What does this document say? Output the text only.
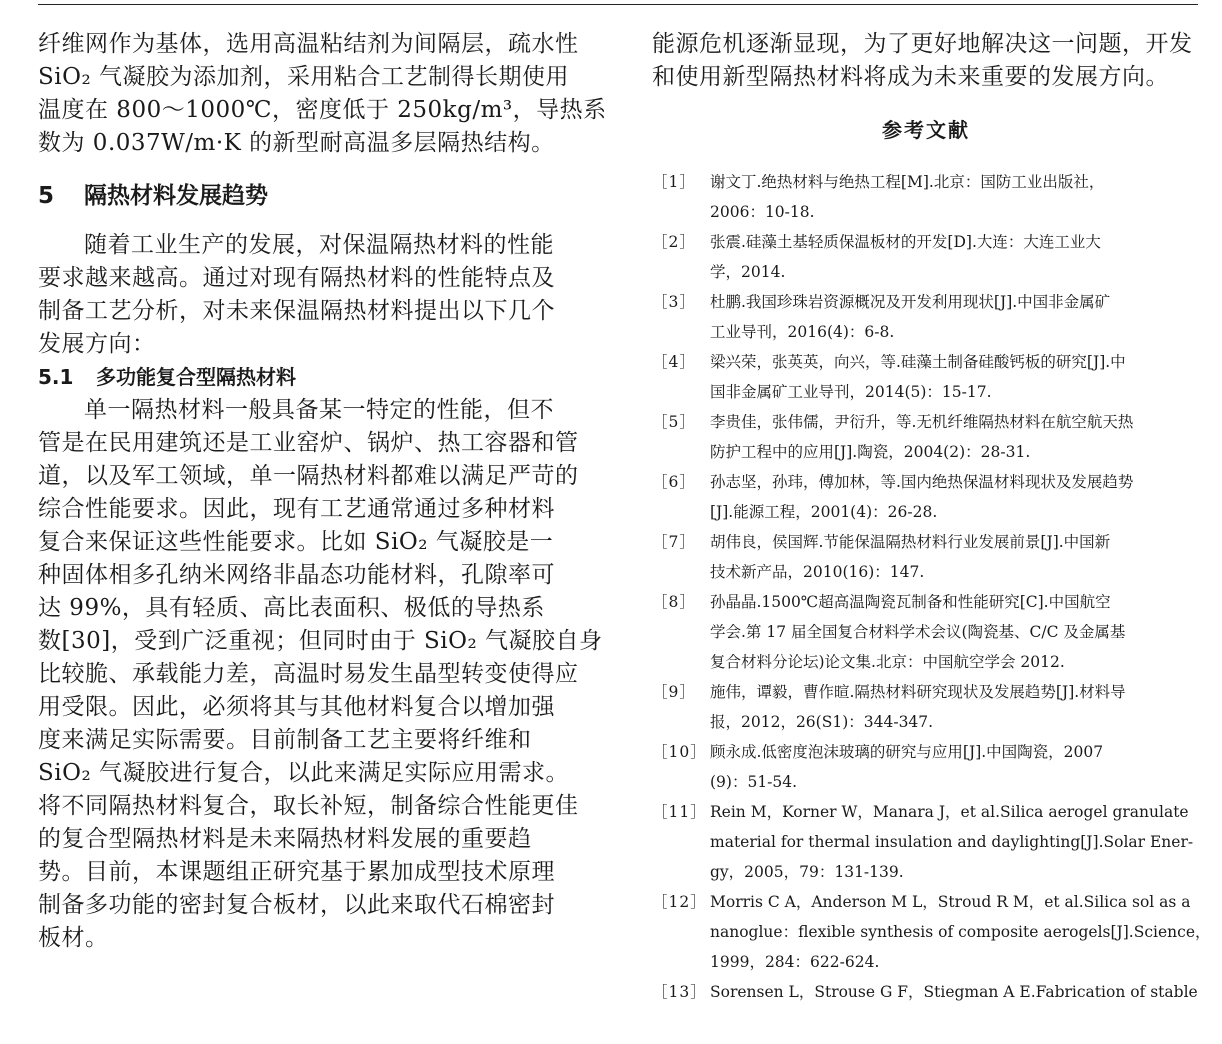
纤维网作为基体，选用高温粘结剂为间隔层，疏水性
SiO₂ 气凝胶为添加剂，采用粘合工艺制得长期使用
温度在 800～1000℃，密度低于 250kg/m³，导热系
数为 0.037W/m·K 的新型耐高温多层隔热结构。

5 隔热材料发展趋势

随着工业生产的发展，对保温隔热材料的性能
要求越来越高。通过对现有隔热材料的性能特点及
制备工艺分析，对未来保温隔热材料提出以下几个
发展方向：

5.1 多功能复合型隔热材料

单一隔热材料一般具备某一特定的性能，但不
管是在民用建筑还是工业窑炉、锅炉、热工容器和管
道，以及军工领域，单一隔热材料都难以满足严苛的
综合性能要求。因此，现有工艺通常通过多种材料
复合来保证这些性能要求。比如 SiO₂ 气凝胶是一
种固体相多孔纳米网络非晶态功能材料，孔隙率可
达 99%，具有轻质、高比表面积、极低的导热系
数[30]，受到广泛重视；但同时由于 SiO₂ 气凝胶自身
比较脆、承载能力差，高温时易发生晶型转变使得应
用受限。因此，必须将其与其他材料复合以增加强
度来满足实际需要。目前制备工艺主要将纤维和
SiO₂ 气凝胶进行复合，以此来满足实际应用需求。
将不同隔热材料复合，取长补短，制备综合性能更佳
的复合型隔热材料是未来隔热材料发展的重要趋
势。目前，本课题组正研究基于累加成型技术原理
制备多功能的密封复合板材，以此来取代石棉密封
板材。

能源危机逐渐显现，为了更好地解决这一问题，开发
和使用新型隔热材料将成为未来重要的发展方向。

参考文献
［1］ 谢文丁.绝热材料与绝热工程[M].北京：国防工业出版社，
2006：10-18.
［2］ 张震.硅藻土基轻质保温板材的开发[D].大连：大连工业大
学，2014.
［3］ 杜鹏.我国珍珠岩资源概况及开发利用现状[J].中国非金属矿
工业导刊，2016(4)：6-8.
［4］ 梁兴荣，张英英，向兴，等.硅藻土制备硅酸钙板的研究[J].中
国非金属矿工业导刊，2014(5)：15-17.
［5］ 李贵佳，张伟儒，尹衍升，等.无机纤维隔热材料在航空航天热
防护工程中的应用[J].陶瓷，2004(2)：28-31.
［6］ 孙志坚，孙玮，傅加林，等.国内绝热保温材料现状及发展趋势
[J].能源工程，2001(4)：26-28.
［7］ 胡伟良，侯国辉.节能保温隔热材料行业发展前景[J].中国新
技术新产品，2010(16)：147.
［8］ 孙晶晶.1500℃超高温陶瓷瓦制备和性能研究[C].中国航空
学会.第 17 届全国复合材料学术会议(陶瓷基、C/C 及金属基
复合材料分论坛)论文集.北京：中国航空学会 2012.
［9］ 施伟，谭毅，曹作暄.隔热材料研究现状及发展趋势[J].材料导
报，2012，26(S1)：344-347.
［10］ 顾永成.低密度泡沫玻璃的研究与应用[J].中国陶瓷，2007
(9)：51-54.
［11］ Rein M，Korner W，Manara J，et al.Silica aerogel granulate
material for thermal insulation and daylighting[J].Solar Ener-
gy，2005，79：131-139.
［12］ Morris C A，Anderson M L，Stroud R M，et al.Silica sol as a
nanoglue：flexible synthesis of composite aerogels[J].Science，
1999，284：622-624.
［13］ Sorensen L，Strouse G F，Stiegman A E.Fabrication of stable
